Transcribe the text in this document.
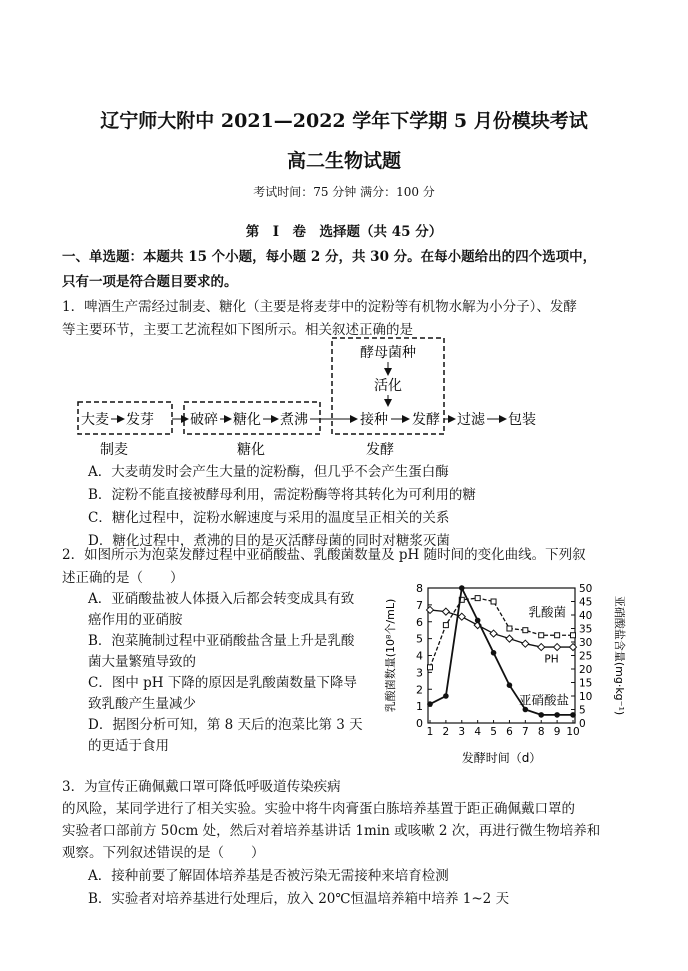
辽宁师大附中 2021—2022 学年下学期 5 月份模块考试
高二生物试题
考试时间：75 分钟 满分：100 分
第　Ⅰ　卷　选择题（共 45 分）
一、单选题：本题共 15 个小题，每小题 2 分，共 30 分。在每小题给出的四个选项中，
只有一项是符合题目要求的。
1．啤酒生产需经过制麦、糖化（主要是将麦芽中的淀粉等有机物水解为小分子）、发酵
等主要环节，主要工艺流程如下图所示。相关叙述正确的是
酵母菌种
活化
大麦 发芽	破碎 糖化 煮沸	接种 发酵 过滤 包装
制麦	糖化	发酵
A．大麦萌发时会产生大量的淀粉酶，但几乎不会产生蛋白酶
B．淀粉不能直接被酵母利用，需淀粉酶等将其转化为可利用的糖
C．糖化过程中，淀粉水解速度与采用的温度呈正相关的关系
D．糖化过程中，煮沸的目的是灭活酵母菌的同时对糖浆灭菌
2．如图所示为泡菜发酵过程中亚硝酸盐、乳酸菌数量及 pH 随时间的变化曲线。下列叙
述正确的是（　　）
A．亚硝酸盐被人体摄入后都会转变成具有致
癌作用的亚硝胺
B．泡菜腌制过程中亚硝酸盐含量上升是乳酸
菌大量繁殖导致的
C．图中 pH 下降的原因是乳酸菌数量下降导
致乳酸产生量减少
D．据图分析可知，第 8 天后的泡菜比第 3 天
的更适于食用
0
1
2
3
4
5
6
7
8
0
5
10
15
20
25
30
35
40
45
50
1 2 3 4 5 6 7 8 9 10
乳酸菌
PH
亚硝酸盐
乳酸菌数量(10⁸个/mL)	亚硝酸盐含量(mg·kg⁻¹)
发酵时间（d）
3．为宣传正确佩戴口罩可降低呼吸道传染疾病
的风险，某同学进行了相关实验。实验中将牛肉膏蛋白胨培养基置于距正确佩戴口罩的
实验者口部前方 50cm 处，然后对着培养基讲话 1min 或咳嗽 2 次，再进行微生物培养和
观察。下列叙述错误的是（　　）
A．接种前要了解固体培养基是否被污染无需接种来培育检测
B．实验者对培养基进行处理后，放入 20℃恒温培养箱中培养 1~2 天
